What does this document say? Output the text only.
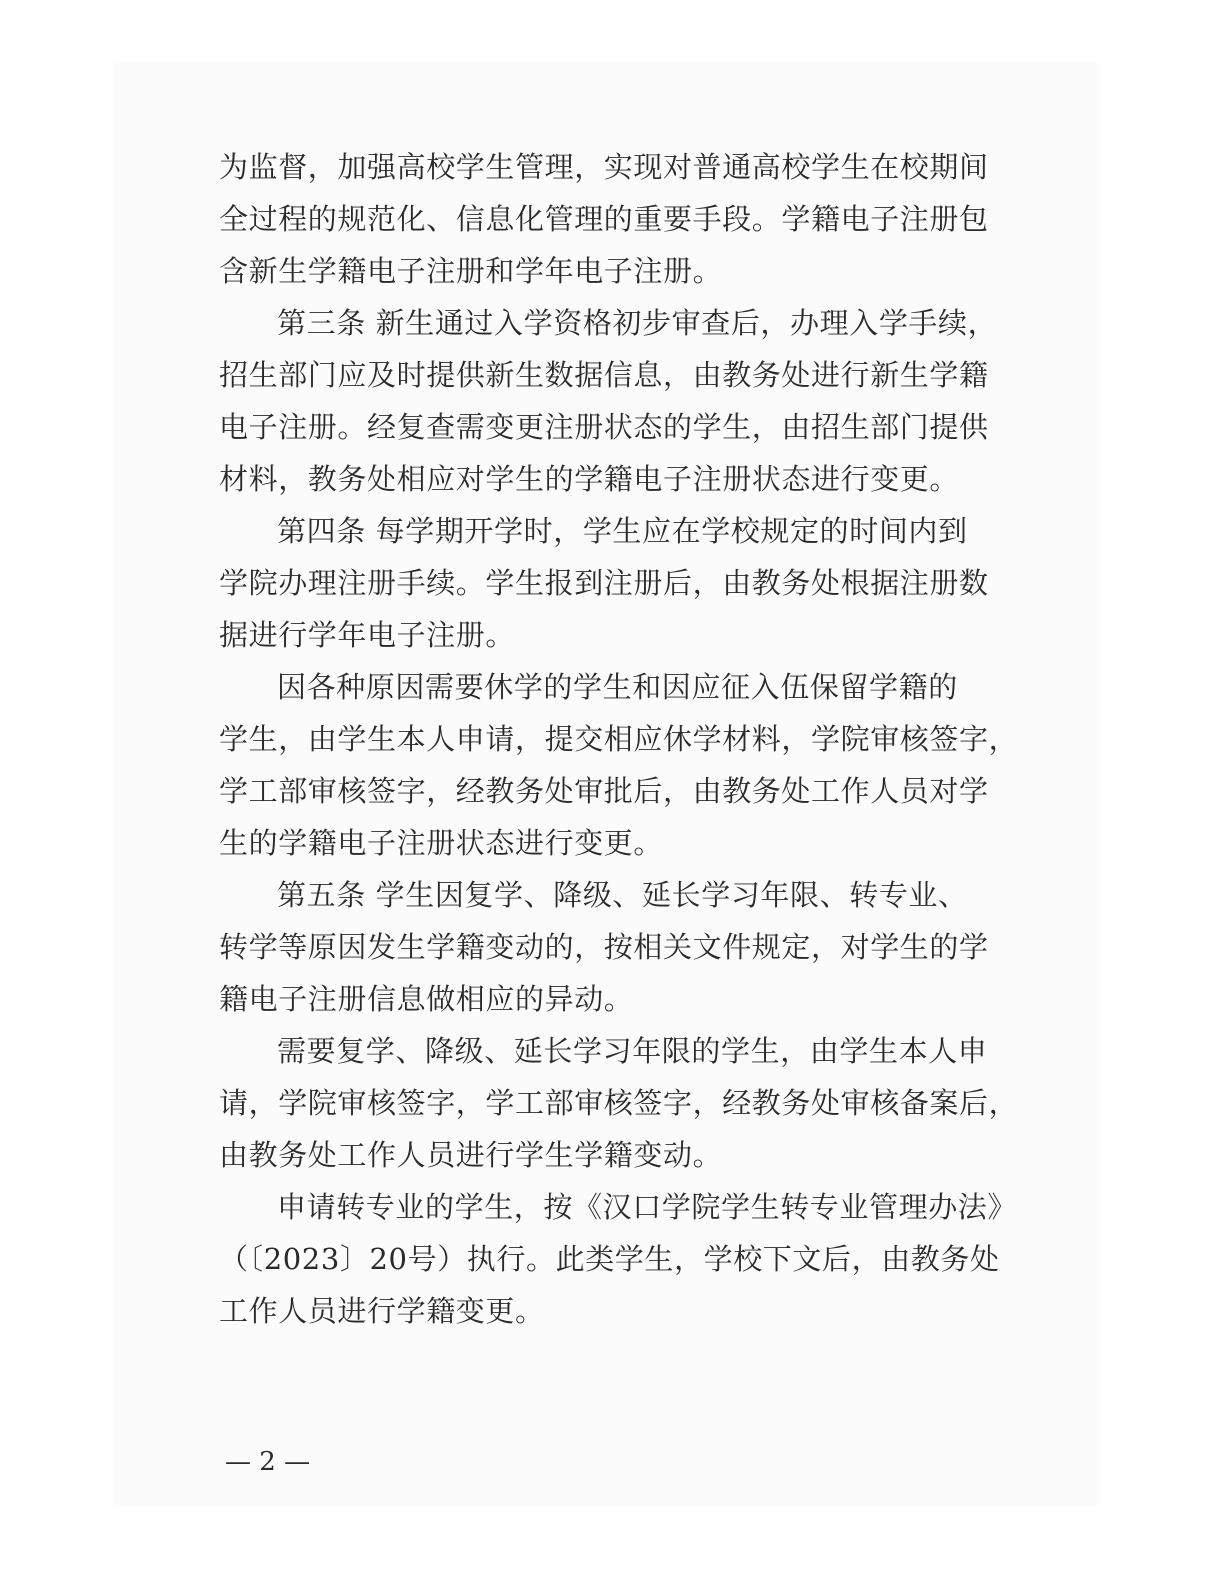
为监督，加强高校学生管理，实现对普通高校学生在校期间
全过程的规范化、信息化管理的重要手段。学籍电子注册包
含新生学籍电子注册和学年电子注册。
第三条 新生通过入学资格初步审查后，办理入学手续，
招生部门应及时提供新生数据信息，由教务处进行新生学籍
电子注册。经复查需变更注册状态的学生，由招生部门提供
材料，教务处相应对学生的学籍电子注册状态进行变更。
第四条 每学期开学时，学生应在学校规定的时间内到
学院办理注册手续。学生报到注册后，由教务处根据注册数
据进行学年电子注册。
因各种原因需要休学的学生和因应征入伍保留学籍的
学生，由学生本人申请，提交相应休学材料，学院审核签字，
学工部审核签字，经教务处审批后，由教务处工作人员对学
生的学籍电子注册状态进行变更。
第五条 学生因复学、降级、延长学习年限、转专业、
转学等原因发生学籍变动的，按相关文件规定，对学生的学
籍电子注册信息做相应的异动。
需要复学、降级、延长学习年限的学生，由学生本人申
请，学院审核签字，学工部审核签字，经教务处审核备案后，
由教务处工作人员进行学生学籍变动。
申请转专业的学生，按《汉口学院学生转专业管理办法》
（〔2023〕20号）执行。此类学生，学校下文后，由教务处
工作人员进行学籍变更。
— 2 —
